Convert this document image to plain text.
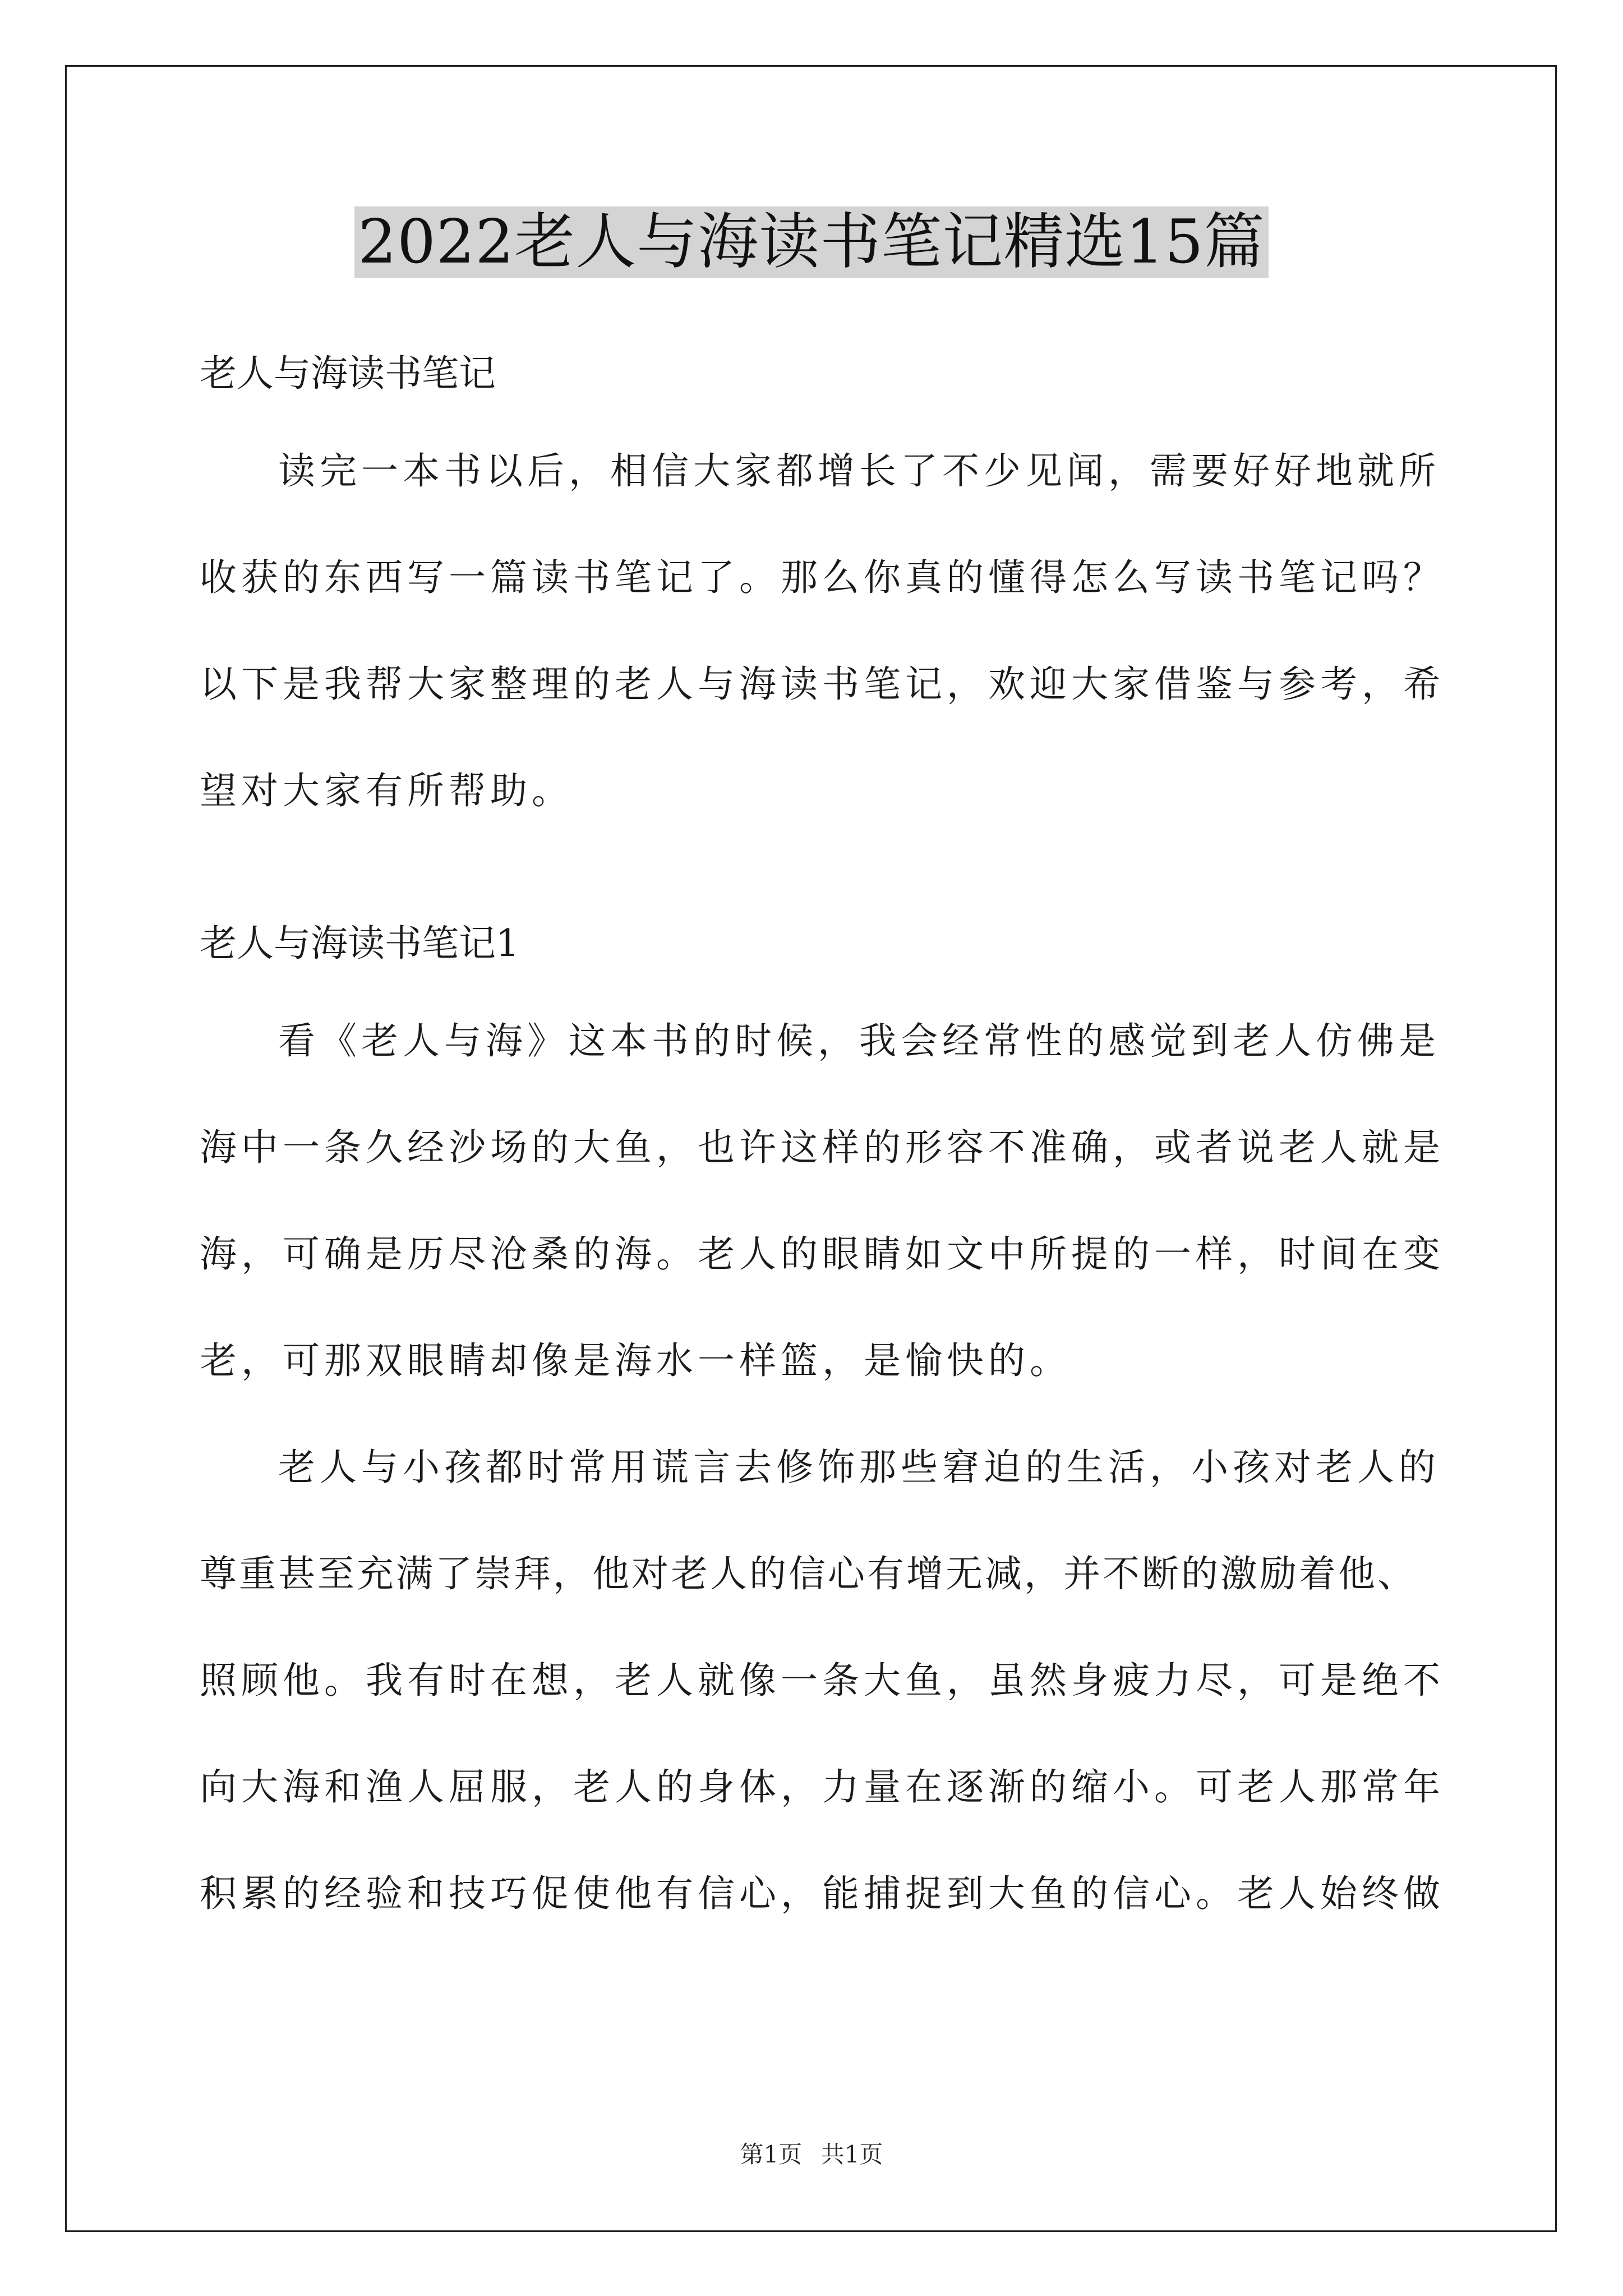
2022老人与海读书笔记精选15篇
老人与海读书笔记
读完一本书以后，相信大家都增长了不少见闻，需要好好地就所
收获的东西写一篇读书笔记了。那么你真的懂得怎么写读书笔记吗？
以下是我帮大家整理的老人与海读书笔记，欢迎大家借鉴与参考，希
望对大家有所帮助。
老人与海读书笔记1
看《老人与海》这本书的时候，我会经常性的感觉到老人仿佛是
海中一条久经沙场的大鱼，也许这样的形容不准确，或者说老人就是
海，可确是历尽沧桑的海。老人的眼睛如文中所提的一样，时间在变
老，可那双眼睛却像是海水一样篮，是愉快的。
老人与小孩都时常用谎言去修饰那些窘迫的生活，小孩对老人的
尊重甚至充满了崇拜，他对老人的信心有增无减，并不断的激励着他、
照顾他。我有时在想，老人就像一条大鱼，虽然身疲力尽，可是绝不
向大海和渔人屈服，老人的身体，力量在逐渐的缩小。可老人那常年
积累的经验和技巧促使他有信心，能捕捉到大鱼的信心。老人始终做
第1页 共1页
